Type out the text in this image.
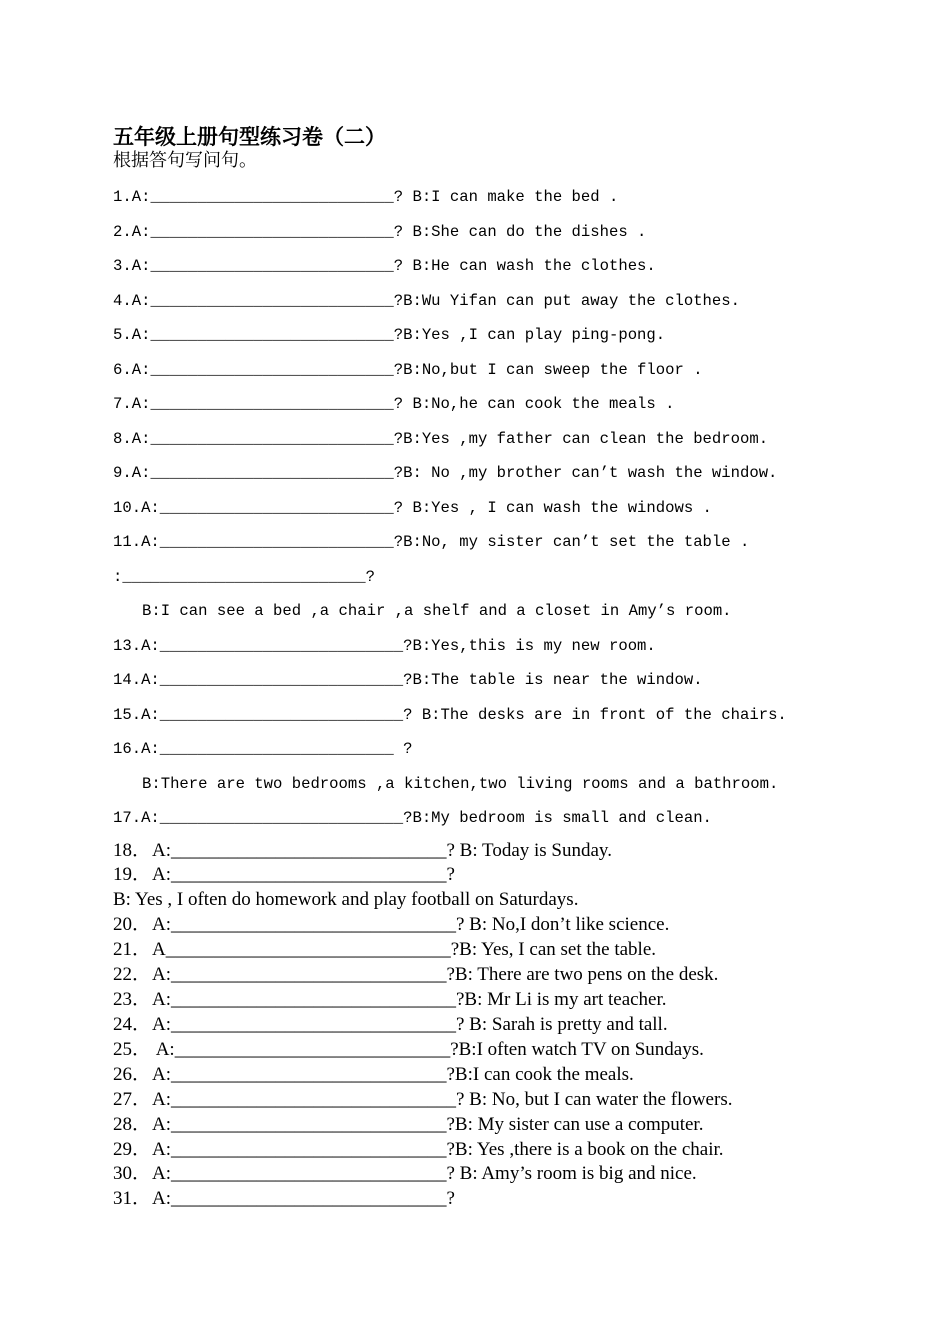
五年级上册句型练习卷（二）
根据答句写问句。
1.A:__________________________? B:I can make the bed .
2.A:__________________________? B:She can do the dishes .
3.A:__________________________? B:He can wash the clothes.
4.A:__________________________?B:Wu Yifan can put away the clothes.
5.A:__________________________?B:Yes ,I can play ping-pong.
6.A:__________________________?B:No,but I can sweep the floor .
7.A:__________________________? B:No,he can cook the meals .
8.A:__________________________?B:Yes ,my father can clean the bedroom.
9.A:__________________________?B: No ,my brother can’t wash the window.
10.A:_________________________? B:Yes , I can wash the windows .
11.A:_________________________?B:No, my sister can’t set the table .
:__________________________?
B:I can see a bed ,a chair ,a shelf and a closet in Amy’s room.
13.A:__________________________?B:Yes,this is my new room.
14.A:__________________________?B:The table is near the window.
15.A:__________________________? B:The desks are in front of the chairs.
16.A:_________________________ ?
B:There are two bedrooms ,a kitchen,two living rooms and a bathroom.
17.A:__________________________?B:My bedroom is small and clean.
18．A:_____________________________? B: Today is Sunday.
19．A:_____________________________?
B: Yes , I often do homework and play football on Saturdays.
20．A:______________________________? B: No,I don’t like science.
21．A______________________________?B: Yes, I can set the table.
22．A:_____________________________?B: There are two pens on the desk.
23．A:______________________________?B: Mr Li is my art teacher.
24．A:______________________________? B: Sarah is pretty and tall.
25． A:_____________________________?B:I often watch TV on Sundays.
26．A:_____________________________?B:I can cook the meals.
27．A:______________________________? B: No, but I can water the flowers.
28．A:_____________________________?B: My sister can use a computer.
29．A:_____________________________?B: Yes ,there is a book on the chair.
30．A:_____________________________? B: Amy’s room is big and nice.
31．A:_____________________________?
